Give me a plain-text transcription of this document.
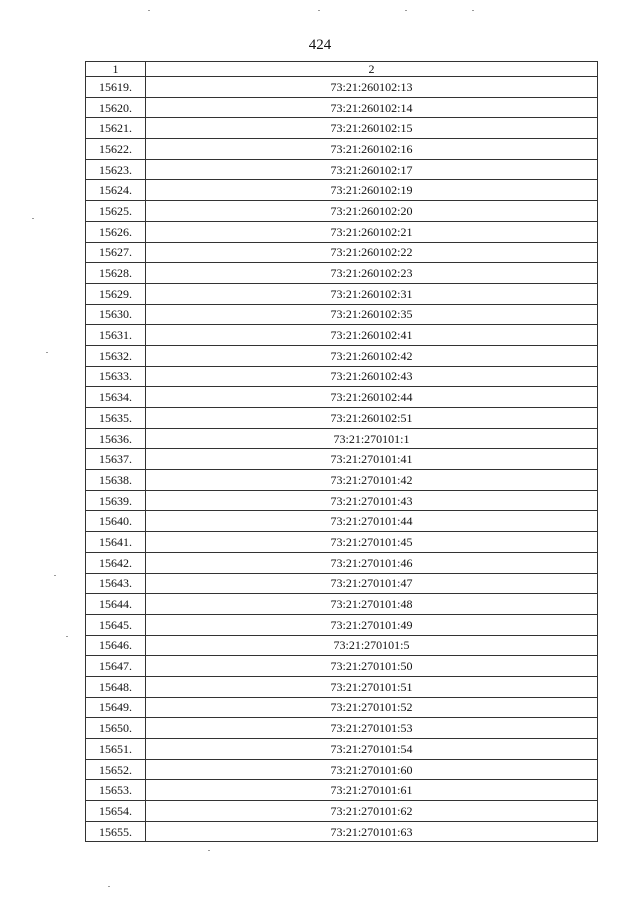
424
1	2
15619.	73:21:260102:13
15620.	73:21:260102:14
15621.	73:21:260102:15
15622.	73:21:260102:16
15623.	73:21:260102:17
15624.	73:21:260102:19
15625.	73:21:260102:20
15626.	73:21:260102:21
15627.	73:21:260102:22
15628.	73:21:260102:23
15629.	73:21:260102:31
15630.	73:21:260102:35
15631.	73:21:260102:41
15632.	73:21:260102:42
15633.	73:21:260102:43
15634.	73:21:260102:44
15635.	73:21:260102:51
15636.	73:21:270101:1
15637.	73:21:270101:41
15638.	73:21:270101:42
15639.	73:21:270101:43
15640.	73:21:270101:44
15641.	73:21:270101:45
15642.	73:21:270101:46
15643.	73:21:270101:47
15644.	73:21:270101:48
15645.	73:21:270101:49
15646.	73:21:270101:5
15647.	73:21:270101:50
15648.	73:21:270101:51
15649.	73:21:270101:52
15650.	73:21:270101:53
15651.	73:21:270101:54
15652.	73:21:270101:60
15653.	73:21:270101:61
15654.	73:21:270101:62
15655.	73:21:270101:63
